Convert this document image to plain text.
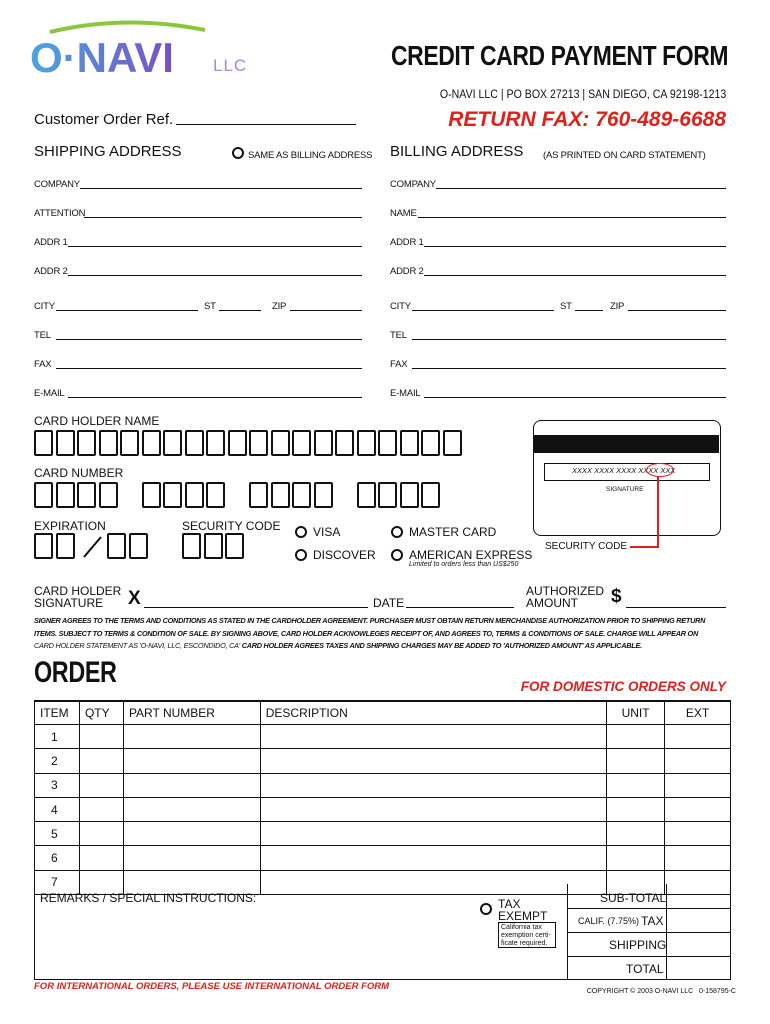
O·NAVI LLC	CREDIT CARD PAYMENT FORM
O-NAVI LLC | PO BOX 27213 | SAN DIEGO, CA 92198-1213
RETURN FAX: 760-489-6688
Customer Order Ref.
SHIPPING ADDRESS	SAME AS BILLING ADDRESS BILLING ADDRESS (AS PRINTED ON CARD STATEMENT)
COMPANY
ATTENTION
ADDR 1
ADDR 2
CITY	ST	ZIP
TEL
FAX
E-MAIL
COMPANY
NAME
ADDR 1
ADDR 2
CITY	ST	ZIP
TEL
FAX
E-MAIL
CARD HOLDER NAME
CARD NUMBER	XXXX XXXX XXXX XXXX XXX
SIGNATURE
SECURITY CODE
EXPIRATION	SECURITY CODE	VISA	MASTER CARD
DISCOVER	AMERICAN EXPRESS
Limited to orders less than US$250
CARD HOLDER
SIGNATURE X	DATE
AUTHORIZED
AMOUNT $
SIGNER AGREES TO THE TERMS AND CONDITIONS AS STATED IN THE CARDHOLDER AGREEMENT. PURCHASER MUST OBTAIN RETURN MERCHANDISE AUTHORIZATION PRIOR TO SHIPPING RETURN
ITEMS. SUBJECT TO TERMS & CONDITION OF SALE. BY SIGNING ABOVE, CARD HOLDER ACKNOWLEGES RECEIPT OF, AND AGREES TO, TERMS & CONDITIONS OF SALE. CHARGE WILL APPEAR ON
CARD HOLDER STATEMENT AS 'O-NAVI, LLC, ESCONDIDO, CA' CARD HOLDER AGREES TAXES AND SHIPPING CHARGES MAY BE ADDED TO 'AUTHORIZED AMOUNT' AS APPLICABLE.
ORDER	FOR DOMESTIC ORDERS ONLY
ITEM	QTY	PART NUMBER	DESCRIPTION	UNIT	EXT
1					
2					
3					
4					
5					
6					
7					
REMARKS / SPECIAL INSTRUCTIONS:	TAX
EXEMPT
California tax exemption certi- ficate required.
SUB-TOTAL
CALIF. (7.75%) TAX
SHIPPING
TOTAL
FOR INTERNATIONAL ORDERS, PLEASE USE INTERNATIONAL ORDER FORM	COPYRIGHT © 2003 O-NAVI LLC   0-158795-C
